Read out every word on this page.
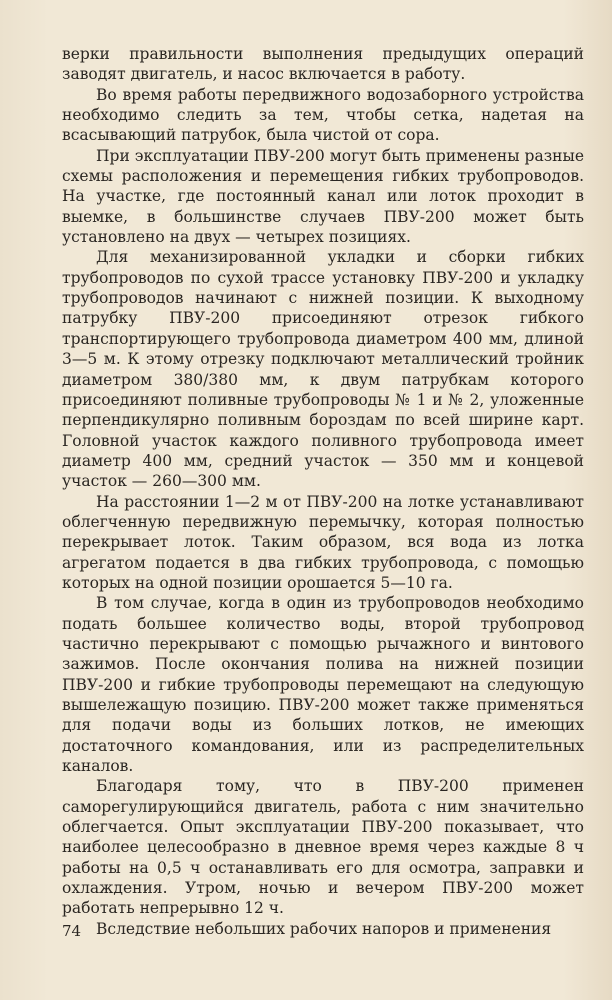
верки правильности выполнения предыдущих операций заводят двигатель, и насос включается в работу.

Во время работы передвижного водозаборного устройства необходимо следить за тем, чтобы сетка, надетая на всасывающий патрубок, была чистой от сора.

При эксплуатации ПВУ-200 могут быть применены разные схемы расположения и перемещения гибких трубопроводов. На участке, где постоянный канал или лоток проходит в выемке, в большинстве случаев ПВУ-200 может быть установлено на двух — четырех позициях.

Для механизированной укладки и сборки гибких трубопроводов по сухой трассе установку ПВУ-200 и укладку трубопроводов начинают с нижней позиции. К выходному патрубку ПВУ-200 присоединяют отрезок гибкого транспортирующего трубопровода диаметром 400 мм, длиной 3—5 м. К этому отрезку подключают металлический тройник диаметром 380/380 мм, к двум патрубкам которого присоединяют поливные трубопроводы № 1 и № 2, уложенные перпендикулярно поливным бороздам по всей ширине карт. Головной участок каждого поливного трубопровода имеет диаметр 400 мм, средний участок — 350 мм и концевой участок — 260—300 мм.

На расстоянии 1—2 м от ПВУ-200 на лотке устанавливают облегченную передвижную перемычку, которая полностью перекрывает лоток. Таким образом, вся вода из лотка агрегатом подается в два гибких трубопровода, с помощью которых на одной позиции орошается 5—10 га.

В том случае, когда в один из трубопроводов необходимо подать большее количество воды, второй трубопровод частично перекрывают с помощью рычажного и винтового зажимов. После окончания полива на нижней позиции ПВУ-200 и гибкие трубопроводы перемещают на следующую вышележащую позицию. ПВУ-200 может также применяться для подачи воды из больших лотков, не имеющих достаточного командования, или из распределительных каналов.

Благодаря тому, что в ПВУ-200 применен саморегулирующийся двигатель, работа с ним значительно облегчается. Опыт эксплуатации ПВУ-200 показывает, что наиболее целесообразно в дневное время через каждые 8 ч работы на 0,5 ч останавливать его для осмотра, заправки и охлаждения. Утром, ночью и вечером ПВУ-200 может работать непрерывно 12 ч.

Вследствие небольших рабочих напоров и применения

74
